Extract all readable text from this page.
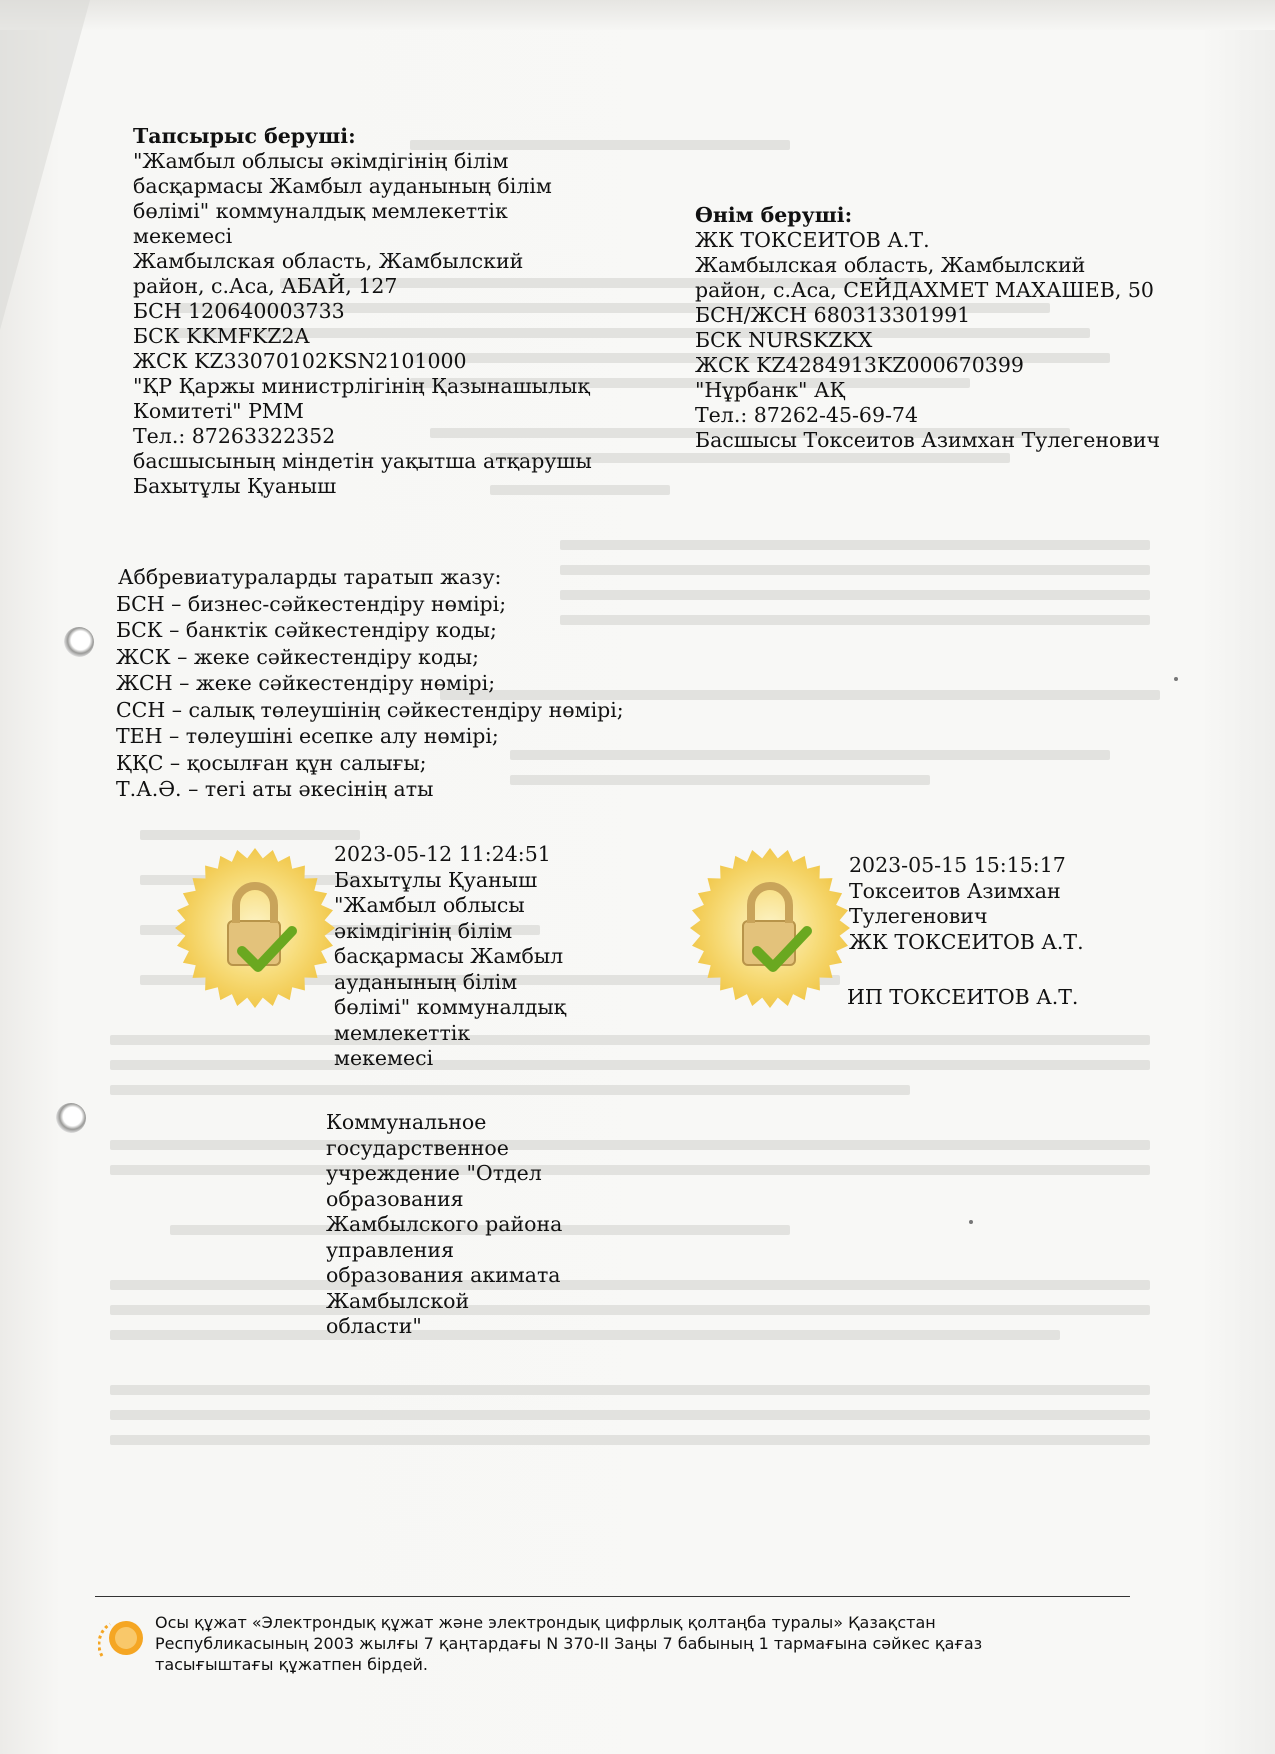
Тапсырыс беруші:
"Жамбыл облысы әкімдігінің білім
басқармасы Жамбыл ауданының білім
бөлімі" коммуналдық мемлекеттік
мекемесі
Жамбылская область, Жамбылский
район, с.Аса, АБАЙ, 127
БСН 120640003733
БСК KKMFKZ2A
ЖСК KZ33070102KSN2101000
"ҚР Қаржы министрлігінің Қазынашылық
Комитеті" РММ
Тел.: 87263322352
басшысының міндетін уақытша атқарушы
Бахытұлы Қуаныш
Өнім беруші:
ЖК ТОКСЕИТОВ А.Т.
Жамбылская область, Жамбылский
район, с.Аса, СЕЙДАХМЕТ МАХАШЕВ, 50
БСН/ЖСН 680313301991
БСК NURSKZKX
ЖСК KZ4284913KZ000670399
"Нұрбанк" АҚ
Тел.: 87262-45-69-74
Басшысы Токсеитов Азимхан Тулегенович
Аббревиатураларды таратып жазу:
БСН – бизнес-сәйкестендіру нөмірі;
БСК – банктік сәйкестендіру коды;
ЖСК – жеке сәйкестендіру коды;
ЖСН – жеке сәйкестендіру нөмірі;
ССН – салық төлеушінің сәйкестендіру нөмірі;
ТЕН – төлеушіні есепке алу нөмірі;
ҚҚС – қосылған құн салығы;
Т.А.Ә. – тегі аты әкесінің аты
2023-05-12 11:24:51
Бахытұлы Қуаныш
"Жамбыл облысы
әкімдігінің білім
басқармасы Жамбыл
ауданының білім
бөлімі" коммуналдық
мемлекеттік
мекемесі
Коммунальное
государственное
учреждение "Отдел
образования
Жамбылского района
управления
образования акимата
Жамбылской
области"
2023-05-15 15:15:17
Токсеитов Азимхан
Тулегенович
ЖК ТОКСЕИТОВ А.Т.
ИП ТОКСЕИТОВ А.Т.
Осы құжат «Электрондық құжат және электрондық цифрлық қолтаңба туралы» Қазақстан
Республикасының 2003 жылғы 7 қаңтардағы N 370-II Заңы 7 бабының 1 тармағына сәйкес қағаз
тасығыштағы құжатпен бірдей.
